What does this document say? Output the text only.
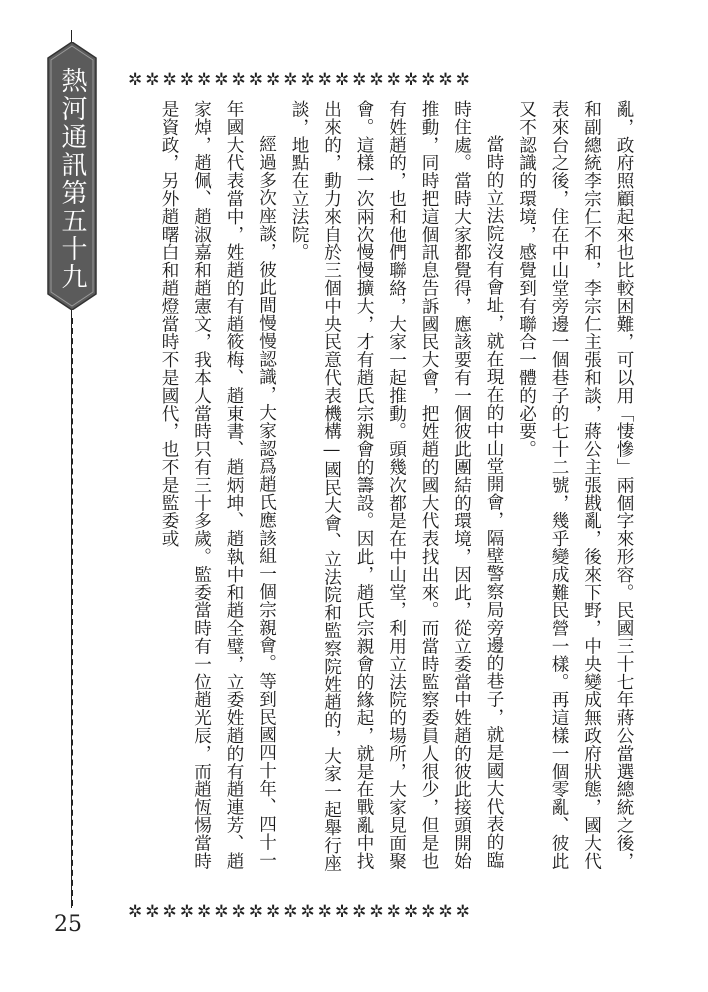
熱河通訊第五十九期
✲✲✲✲✲✲✲✲✲✲✲✲✲✲✲✲✲✲✲✲

亂，政府照顧起來也比較困難，可以用「悽慘」兩個字來形容。民國三十七年蔣公當選總統之後，和副總統李宗仁不和，李宗仁主張和談，蔣公主張戡亂，後來下野，中央變成無政府狀態，國大代表來台之後，住在中山堂旁邊一個巷子的七十二號，幾乎變成難民營一樣。再這樣一個零亂、彼此又不認識的環境，感覺到有聯合一體的必要。

當時的立法院沒有會址，就在現在的中山堂開會，隔壁警察局旁邊的巷子，就是國大代表的臨時住處。當時大家都覺得，應該要有一個彼此團結的環境，因此，從立委當中姓趙的彼此接頭開始推動，同時把這個訊息告訴國民大會，把姓趙的國大代表找出來。而當時監察委員人很少，但是也有姓趙的，也和他們聯絡，大家一起推動。頭幾次都是在中山堂，利用立法院的場所，大家見面聚會。這樣一次兩次慢慢擴大，才有趙氏宗親會的籌設。因此，趙氏宗親會的緣起，就是在戰亂中找出來的，動力來自於三個中央民意代表機構—國民大會、立法院和監察院姓趙的，大家一起舉行座談，地點在立法院。

經過多次座談，彼此間慢慢認識，大家認爲趙氏應該組一個宗親會。等到民國四十年、四十一年國大代表當中，姓趙的有趙筱梅、趙東書、趙炳坤、趙執中和趙全璧，立委姓趙的有趙連芳、趙家焯，趙佩、趙淑嘉和趙憲文，我本人當時只有三十多歲。監委當時有一位趙光辰，而趙恆惕當時是資政，另外趙曙白和趙燈當時不是國代，也不是監委或

✲✲✲✲✲✲✲✲✲✲✲✲✲✲✲✲✲✲✲✲
25
